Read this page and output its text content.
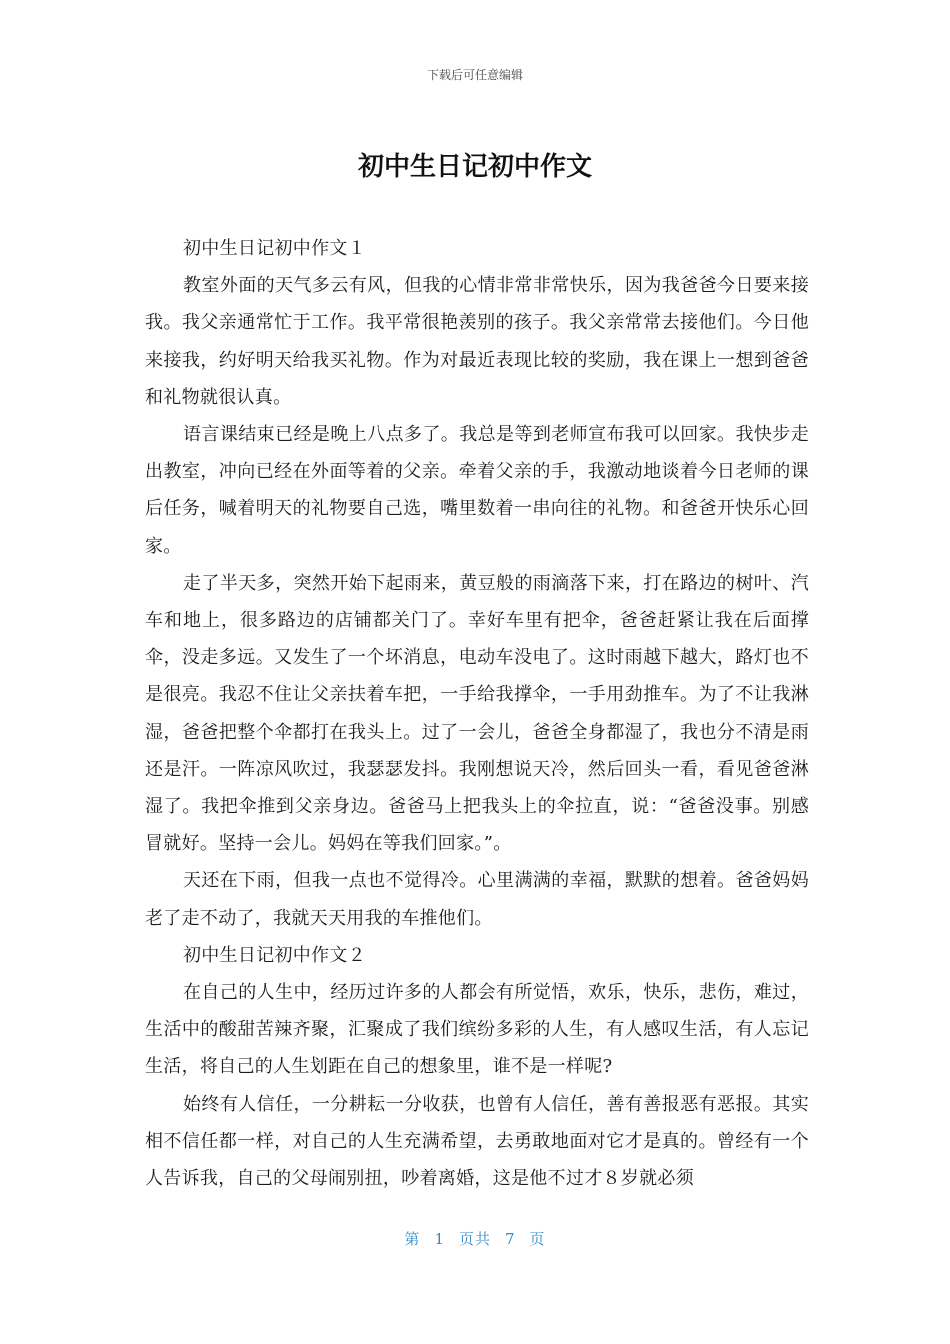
下载后可任意编辑
初中生日记初中作文

初中生日记初中作文１

教室外面的天气多云有风，但我的心情非常非常快乐，因为我爸爸今日要来接我。我父亲通常忙于工作。我平常很艳羡别的孩子。我父亲常常去接他们。今日他来接我，约好明天给我买礼物。作为对最近表现比较的奖励，我在课上一想到爸爸和礼物就很认真。

语言课结束已经是晚上八点多了。我总是等到老师宣布我可以回家。我快步走出教室，冲向已经在外面等着的父亲。牵着父亲的手，我激动地谈着今日老师的课后任务，喊着明天的礼物要自己选，嘴里数着一串向往的礼物。和爸爸开快乐心回家。

走了半天多，突然开始下起雨来，黄豆般的雨滴落下来，打在路边的树叶、汽车和地上，很多路边的店铺都关门了。幸好车里有把伞，爸爸赶紧让我在后面撑伞，没走多远。又发生了一个坏消息，电动车没电了。这时雨越下越大，路灯也不是很亮。我忍不住让父亲扶着车把，一手给我撑伞，一手用劲推车。为了不让我淋湿，爸爸把整个伞都打在我头上。过了一会儿，爸爸全身都湿了，我也分不清是雨还是汗。一阵凉风吹过，我瑟瑟发抖。我刚想说天冷，然后回头一看，看见爸爸淋湿了。我把伞推到父亲身边。爸爸马上把我头上的伞拉直，说：“爸爸没事。别感冒就好。坚持一会儿。妈妈在等我们回家。”。

天还在下雨，但我一点也不觉得冷。心里满满的幸福，默默的想着。爸爸妈妈老了走不动了，我就天天用我的车推他们。

初中生日记初中作文２

在自己的人生中，经历过许多的人都会有所觉悟，欢乐，快乐，悲伤，难过，生活中的酸甜苦辣齐聚，汇聚成了我们缤纷多彩的人生，有人感叹生活，有人忘记生活，将自己的人生划距在自己的想象里，谁不是一样呢?

始终有人信任，一分耕耘一分收获，也曾有人信任，善有善报恶有恶报。其实相不信任都一样，对自己的人生充满希望，去勇敢地面对它才是真的。曾经有一个人告诉我，自己的父母闹别扭，吵着离婚，这是他不过才８岁就必须

第 1 页共 7 页
